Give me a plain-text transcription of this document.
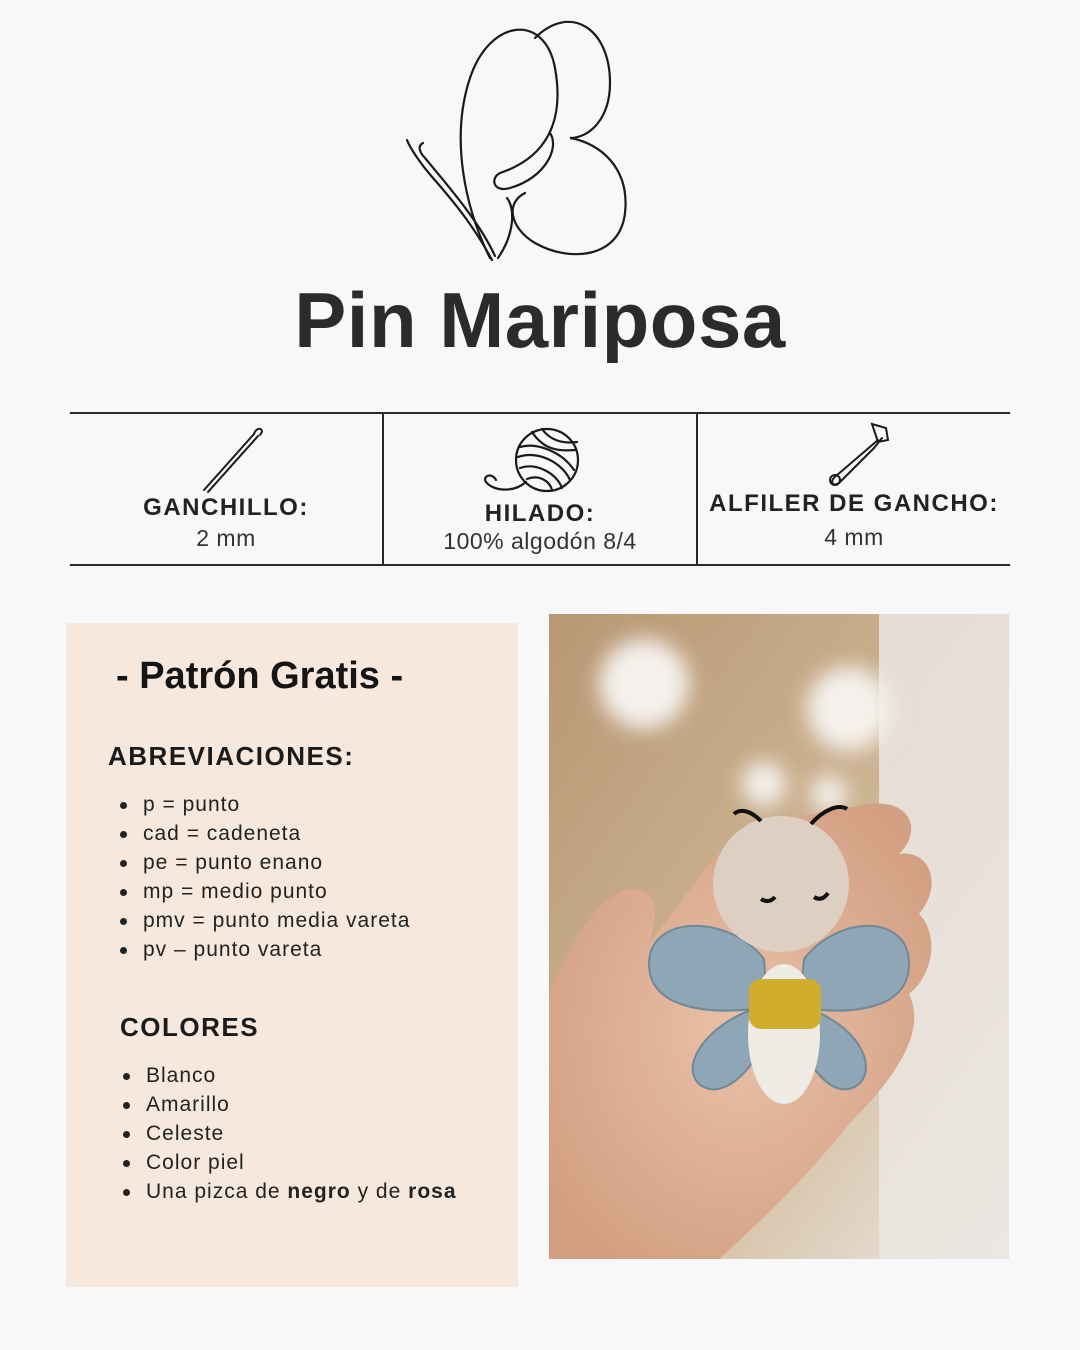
Pin Mariposa
GANCHILLO:
2 mm
HILADO:
100% algodón 8/4
ALFILER DE GANCHO:
4 mm
- Patrón Gratis -
ABREVIACIONES:
p = punto
cad = cadeneta
pe = punto enano
mp = medio punto
pmv = punto media vareta
pv – punto vareta
COLORES
Blanco
Amarillo
Celeste
Color piel
Una pizca de negro y de rosa
